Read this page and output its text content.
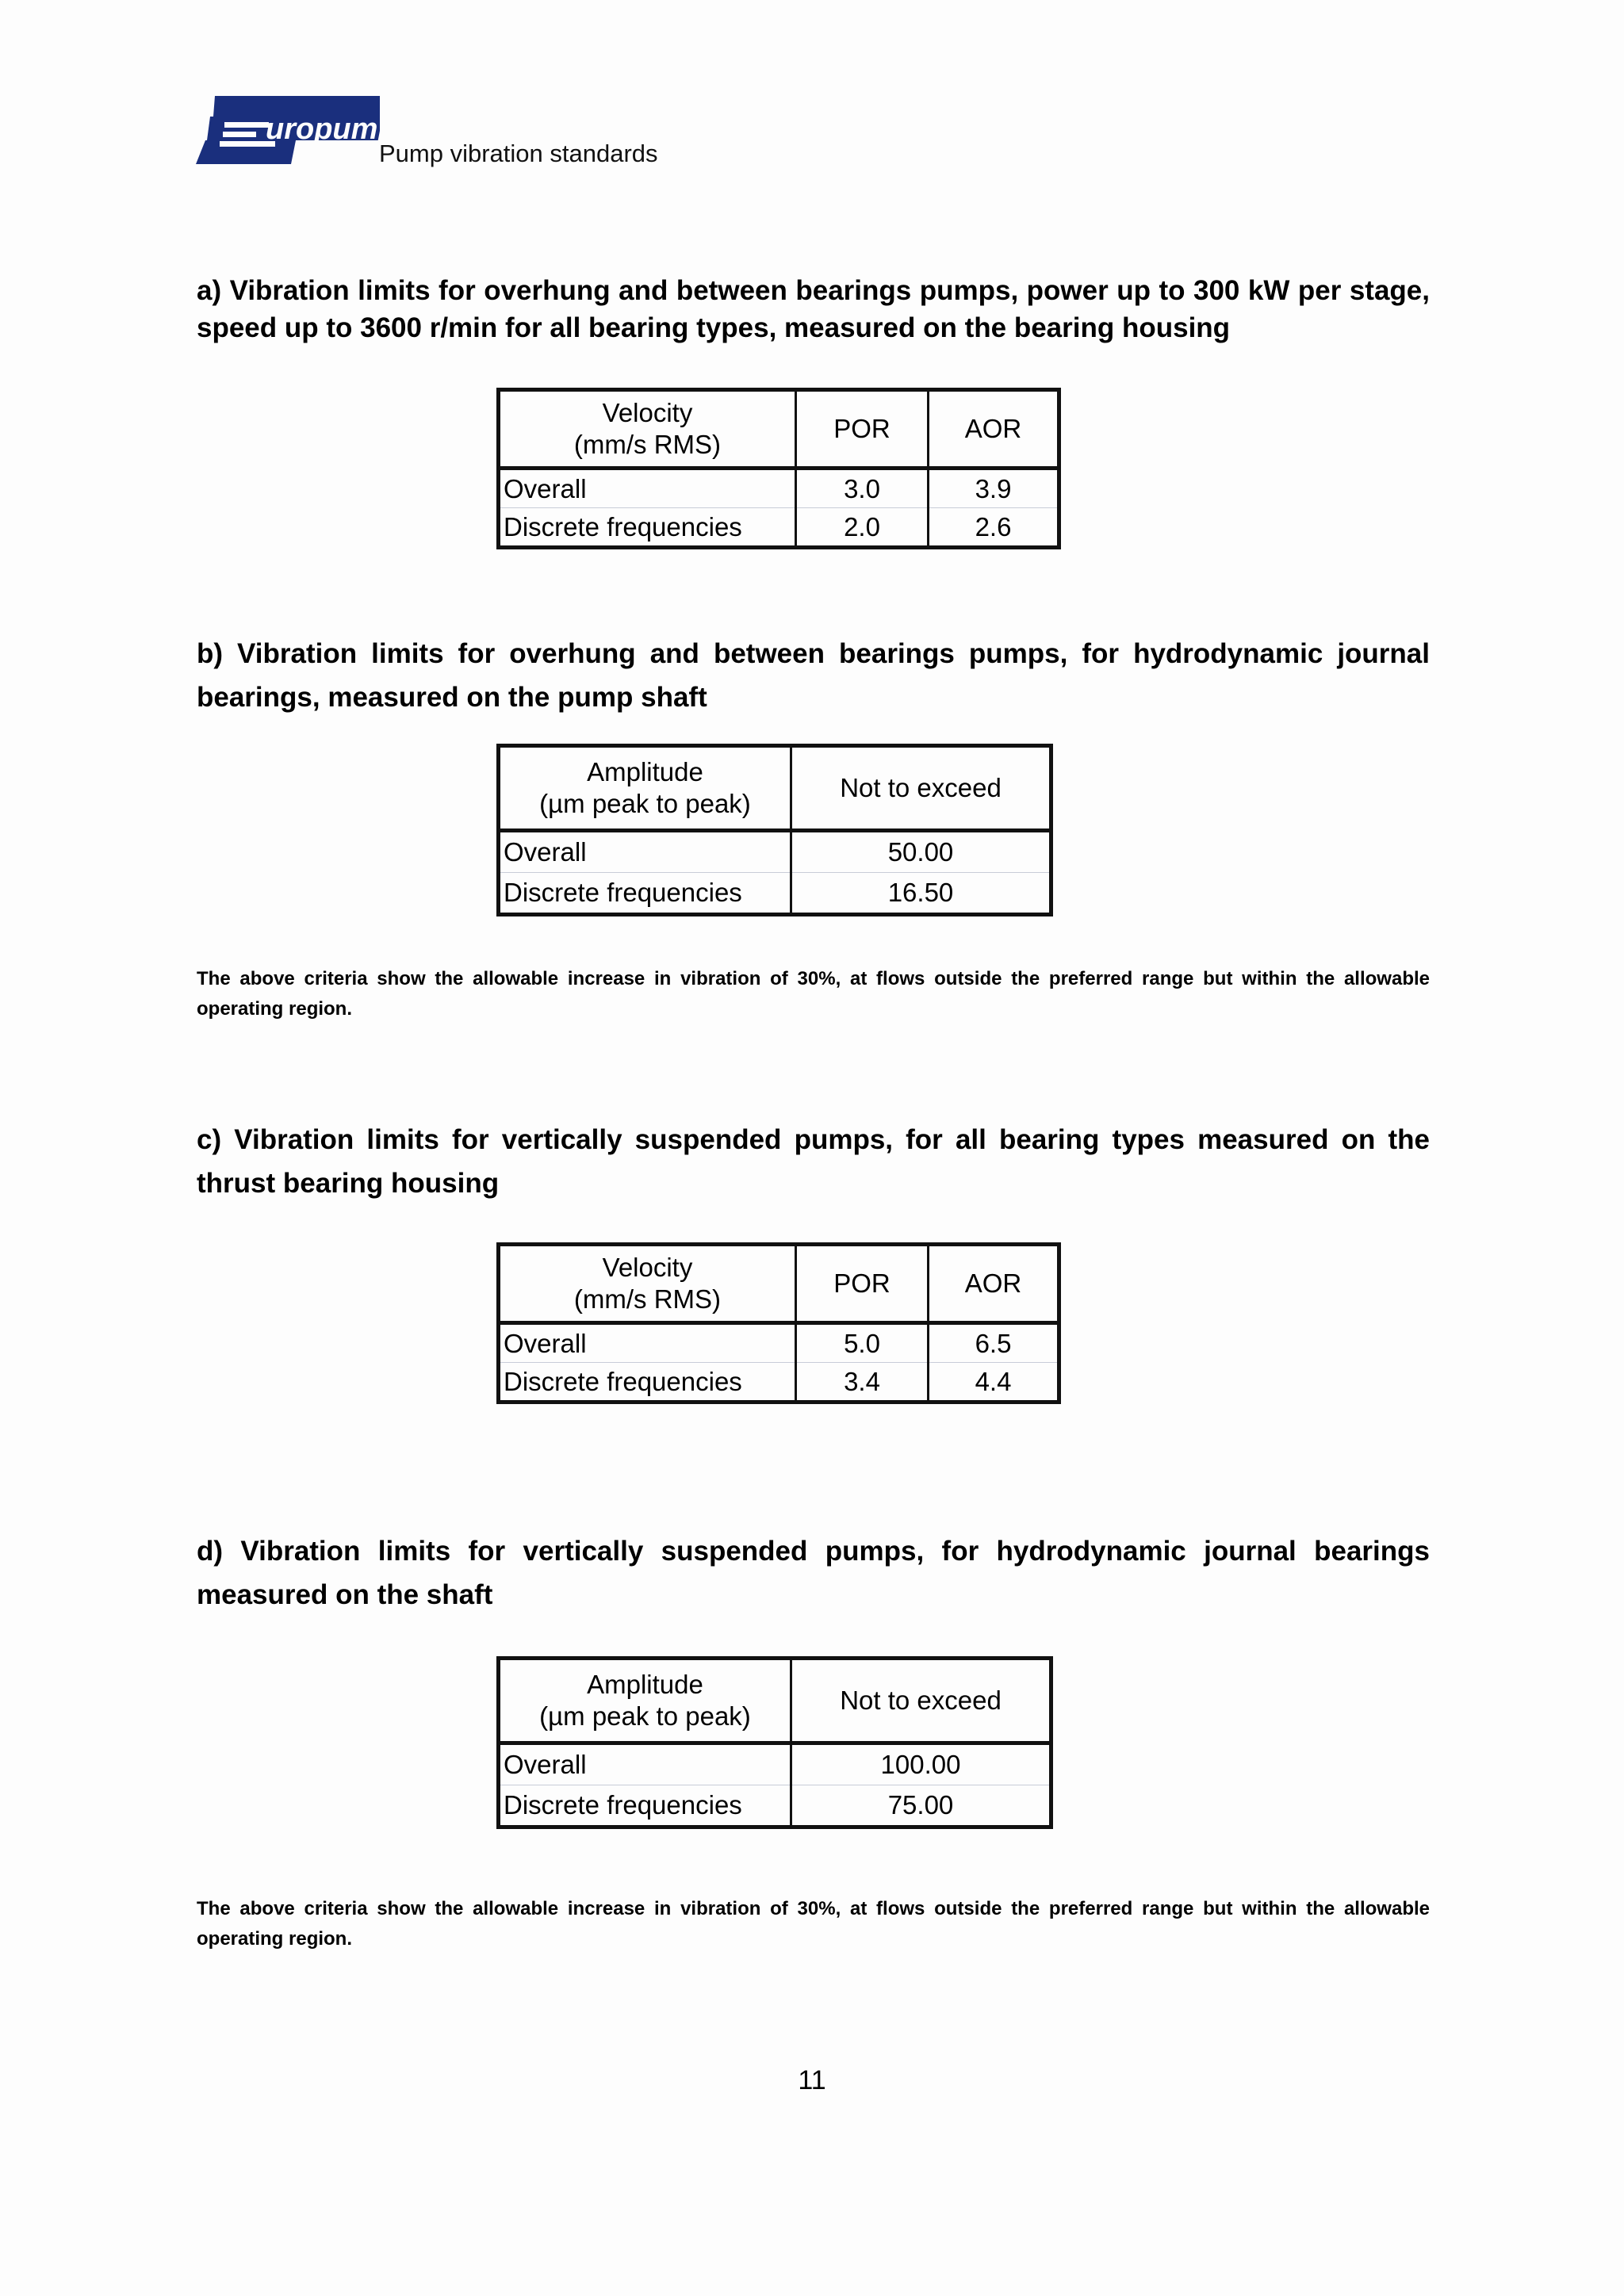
uropump
Pump vibration standards

a) Vibration limits for overhung and between bearings pumps, power up to 300 kW per stage, speed up to 3600 r/min for all bearing types, measured on the bearing housing

Velocity
(mm/s RMS)	POR	AOR
Overall	3.0	3.9
Discrete frequencies	2.0	2.6

b) Vibration limits for overhung and between bearings pumps, for hydrodynamic journal bearings, measured on the pump shaft

Amplitude
(µm peak to peak)	Not to exceed
Overall	50.00
Discrete frequencies	16.50

The above criteria show the allowable increase in vibration of 30%, at flows outside the preferred range but within the allowable operating region.

c) Vibration limits for vertically suspended pumps, for all bearing types measured on the thrust bearing housing

Velocity
(mm/s RMS)	POR	AOR
Overall	5.0	6.5
Discrete frequencies	3.4	4.4

d) Vibration limits for vertically suspended pumps, for hydrodynamic journal bearings measured on the shaft

Amplitude
(µm peak to peak)	Not to exceed
Overall	100.00
Discrete frequencies	75.00

The above criteria show the allowable increase in vibration of 30%, at flows outside the preferred range but within the allowable operating region.

11
